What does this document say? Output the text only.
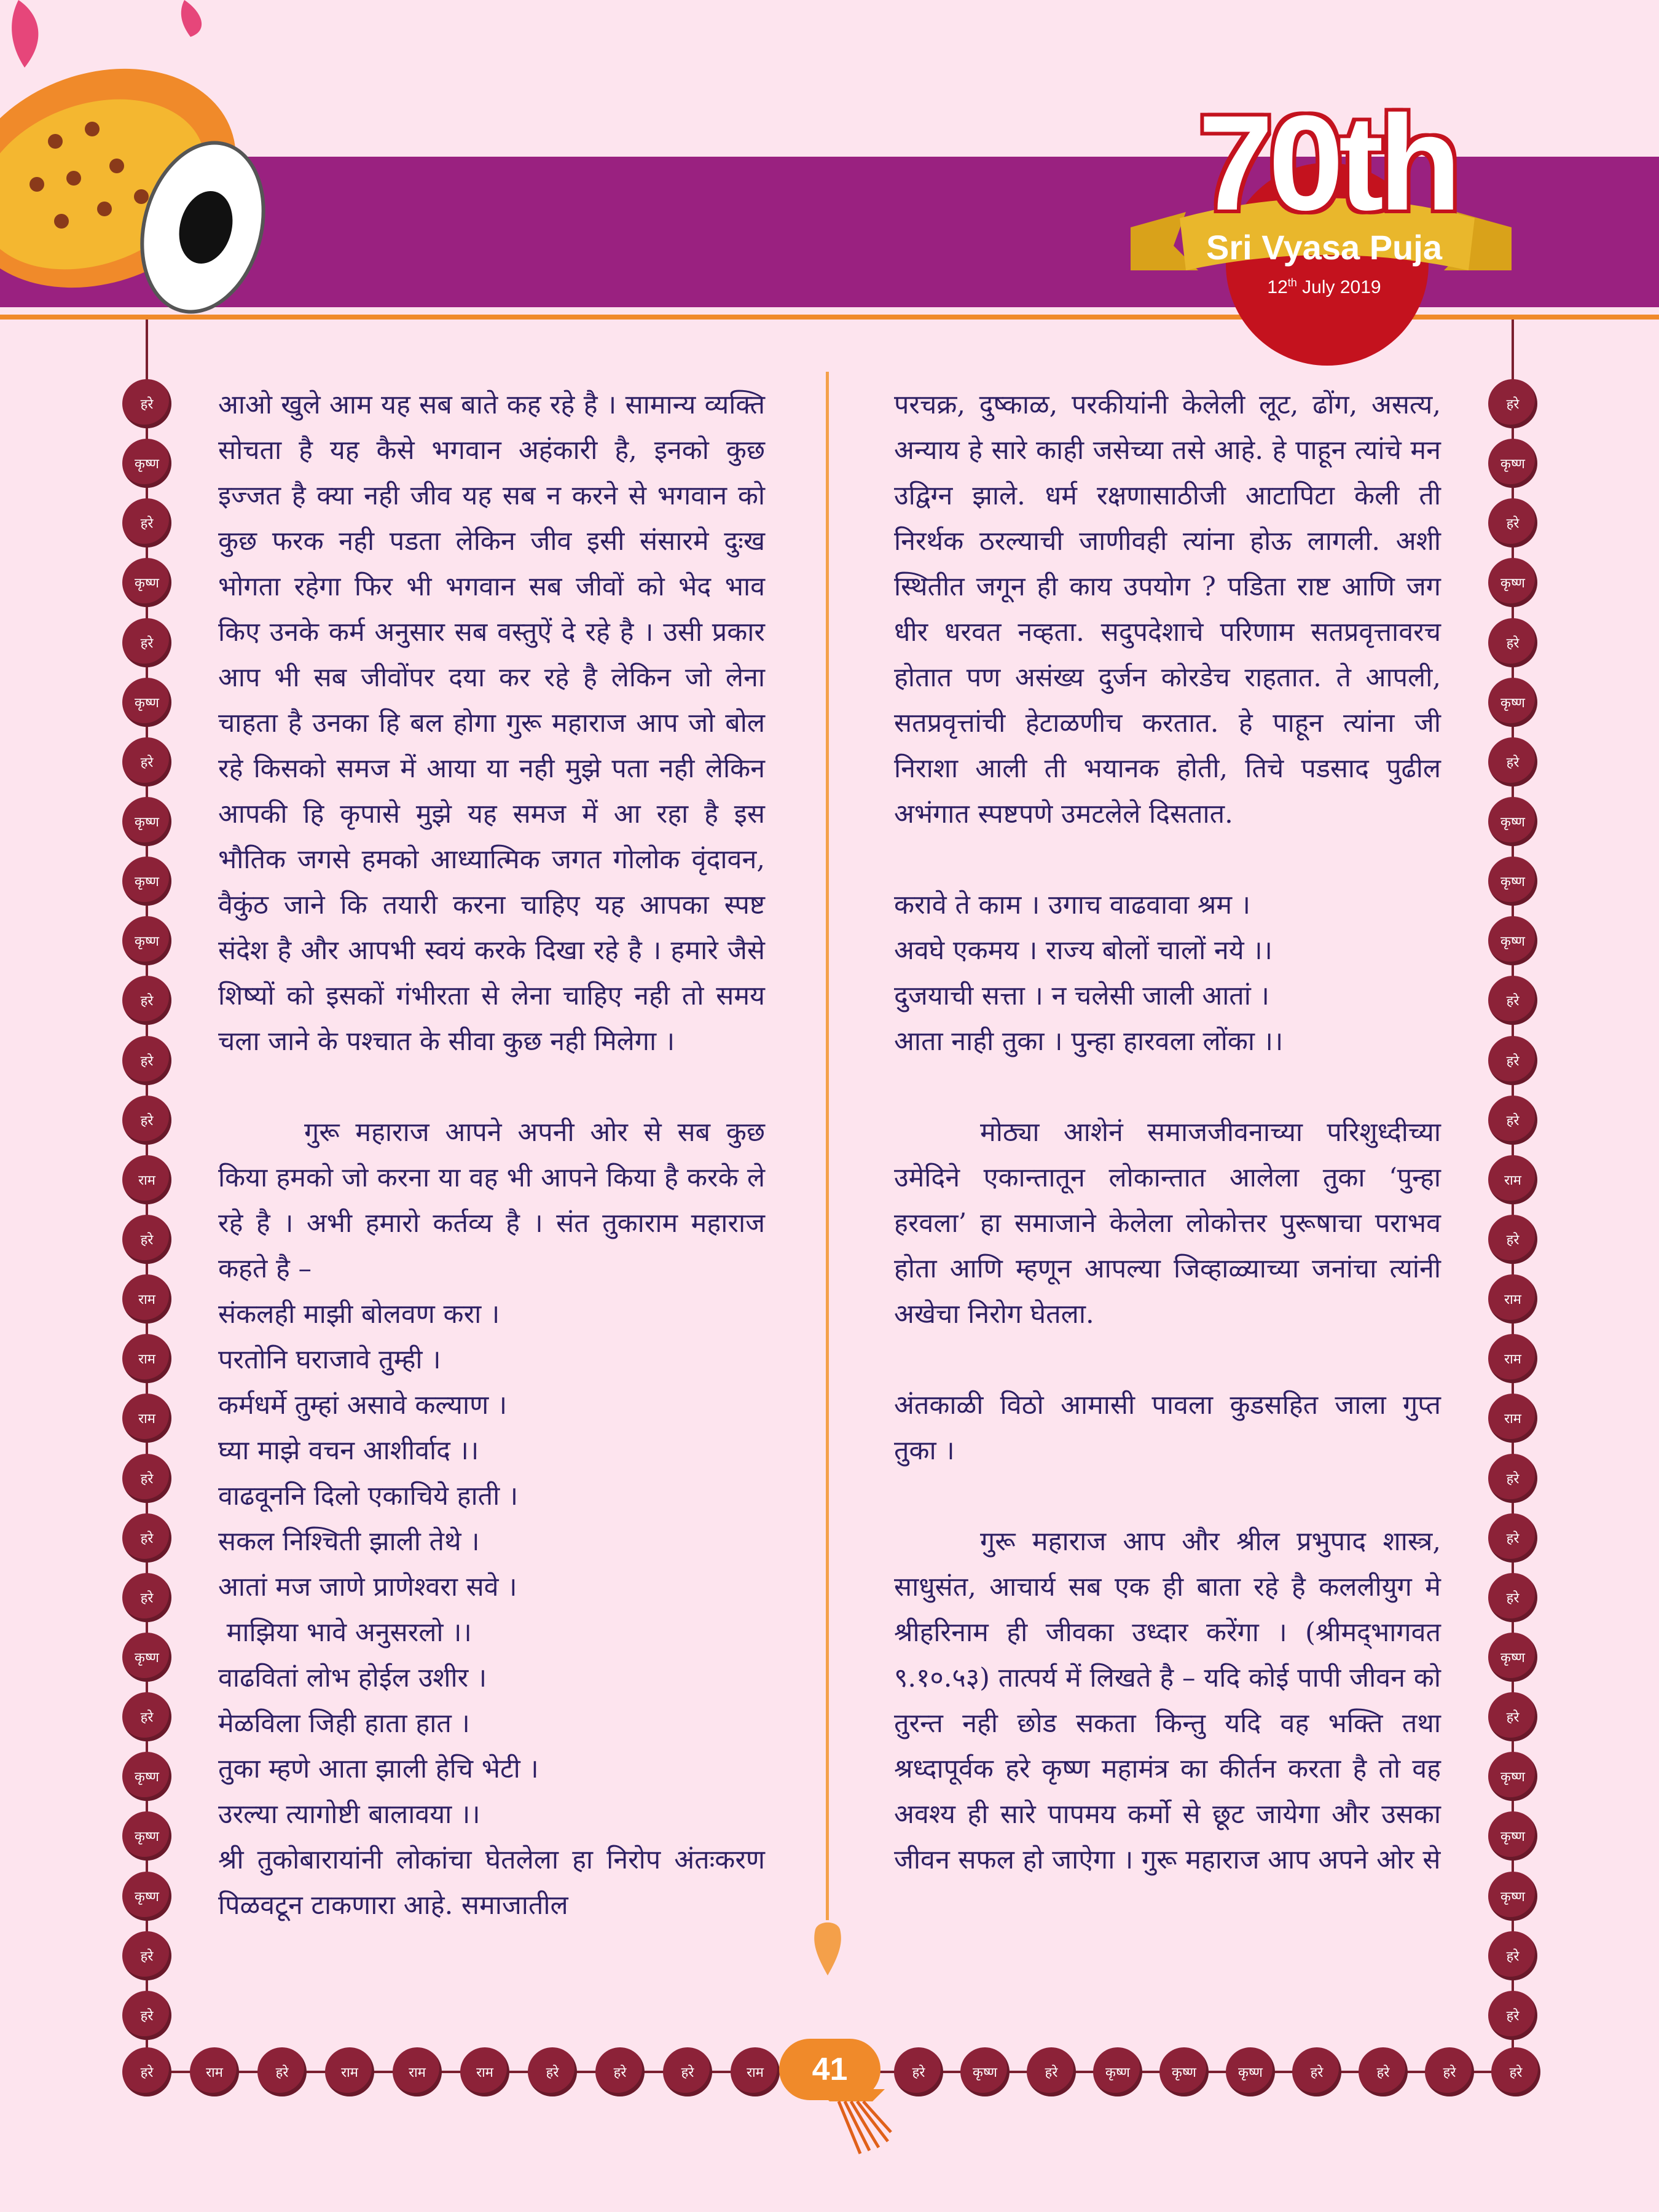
70th
Sri Vyasa Puja
12th July 2019
हरे
कृष्ण
हरे
कृष्ण
हरे
कृष्ण
हरे
कृष्ण
कृष्ण
कृष्ण
हरे
हरे
हरे
राम
हरे
राम
राम
राम
हरे
हरे
हरे
कृष्ण
हरे
कृष्ण
कृष्ण
कृष्ण
हरे
हरे
हरे
कृष्ण
हरे
कृष्ण
हरे
कृष्ण
हरे
कृष्ण
कृष्ण
कृष्ण
हरे
हरे
हरे
राम
हरे
राम
राम
राम
हरे
हरे
हरे
कृष्ण
हरे
कृष्ण
कृष्ण
कृष्ण
हरे
हरे
हरे	राम	हरे	राम	राम	राम	हरे	हरे	हरे	राम	हरे	कृष्ण	हरे	कृष्ण	कृष्ण	कृष्ण	हरे	हरे	हरे	हरे

आओ खुले आम यह सब बाते कह रहे है । सामान्य व्यक्ति सोचता है यह कैसे भगवान अहंकारी है, इनको कुछ इज्जत है क्या नही जीव यह सब न करने से भगवान को कुछ फरक नही पडता लेकिन जीव इसी संसारमे दुःख भोगता रहेगा फिर भी भगवान सब जीवों को भेद भाव किए उनके कर्म अनुसार सब वस्तुऐं दे रहे है । उसी प्रकार आप भी सब जीवोंपर दया कर रहे है लेकिन जो लेना चाहता है उनका हि बल होगा गुरू महाराज आप जो बोल रहे किसको समज में आया या नही मुझे पता नही लेकिन आपकी हि कृपासे मुझे यह समज में आ रहा है इस भौतिक जगसे हमको आध्यात्मिक जगत गोलोक वृंदावन, वैकुंठ जाने कि तयारी करना चाहिए यह आपका स्पष्ट संदेश है और आपभी स्वयं करके दिखा रहे है । हमारे जैसे शिष्यों को इसकों गंभीरता से लेना चाहिए नही तो समय चला जाने के पश्चात के सीवा कुछ नही मिलेगा ।

गुरू महाराज आपने अपनी ओर से सब कुछ किया हमको जो करना या वह भी आपने किया है करके ले रहे है । अभी हमारो कर्तव्य है । संत तुकाराम महाराज कहते है –

संकलही माझी बोलवण करा ।

परतोनि घराजावे तुम्ही ।

कर्मधर्मे तुम्हां असावे कल्याण ।

घ्या माझे वचन आशीर्वाद ।।

वाढवूननि दिलो एकाचियेे हाती ।

सकल निश्चिती झाली तेथे ।

आतां मज जाणे प्राणेश्वरा सवे ।

माझिया भावे अनुसरलो ।।

वाढवितां लोभ होईल उशीर ।

मेळविला जिही हाता हात ।

तुका म्हणे आता झाली हेचि भेटी ।

उरल्या त्यागोष्टी बालावया ।।

श्री तुकोबारायांनी लोकांचा घेतलेला हा निरोप अंतःकरण पिळवटून टाकणारा आहे. समाजातील

परचक्र, दुष्काळ, परकीयांनी केलेली लूट, ढोंग, असत्य, अन्याय हे सारे काही जसेच्या तसे आहे. हे पाहून त्यांचे मन उद्विग्न झाले. धर्म रक्षणासाठीजी आटापिटा केली ती निरर्थक ठरल्याची जाणीवही त्यांना होऊ लागली. अशी स्थितीत जगून ही काय उपयोग ? पडिता राष्ट आणि जग धीर धरवत नव्हता. सदुपदेशाचे परिणाम सतप्रवृत्तावरच होतात पण असंख्य दुर्जन कोरडेच राहतात. ते आपली, सतप्रवृत्तांची हेटाळणीच करतात. हे पाहून त्यांना जी निराशा आली ती भयानक होती, तिचे पडसाद पुढील अभंगात स्पष्टपणे उमटलेले दिसतात.

करावे ते काम । उगाच वाढवावा श्रम ।

अवघे एकमय । राज्य बोलों चालों नये ।।

दुजयाची सत्ता । न चलेसी जाली आतां ।

आता नाही तुका । पुन्हा हारवला लोंका ।।

मोठ्या आशेनं समाजजीवनाच्या परिशुध्दीच्या उमेदिने एकान्तातून लोकान्तात आलेला तुका ‘पुन्हा हरवला’ हा समाजाने केलेला लोकोत्तर पुरूषाचा पराभव होता आणि म्हणून आपल्या जिव्हाळ्याच्या जनांचा त्यांनी अखेचा निरोग घेतला.

अंतकाळी विठो आमासी पावला कुडसहित जाला गुप्त तुका ।

गुरू महाराज आप और श्रील प्रभुपाद शास्त्र, साधुसंत, आचार्य सब एक ही बाता रहे है कललीयुग मे श्रीहरिनाम ही जीवका उध्दार करेंगा । (श्रीमद्‌भागवत ९.१०.५३) तात्पर्य में लिखते है – यदि कोई पापी जीवन को तुरन्त नही छोड सकता किन्तु यदि वह भक्ति तथा श्रध्दापूर्वक हरे कृष्ण महामंत्र का कीर्तन करता है तो वह अवश्य ही सारे पापमय कर्मो से छूट जायेगा और उसका जीवन सफल हो जाऐगा । गुरू महाराज आप अपने ओर से

41
